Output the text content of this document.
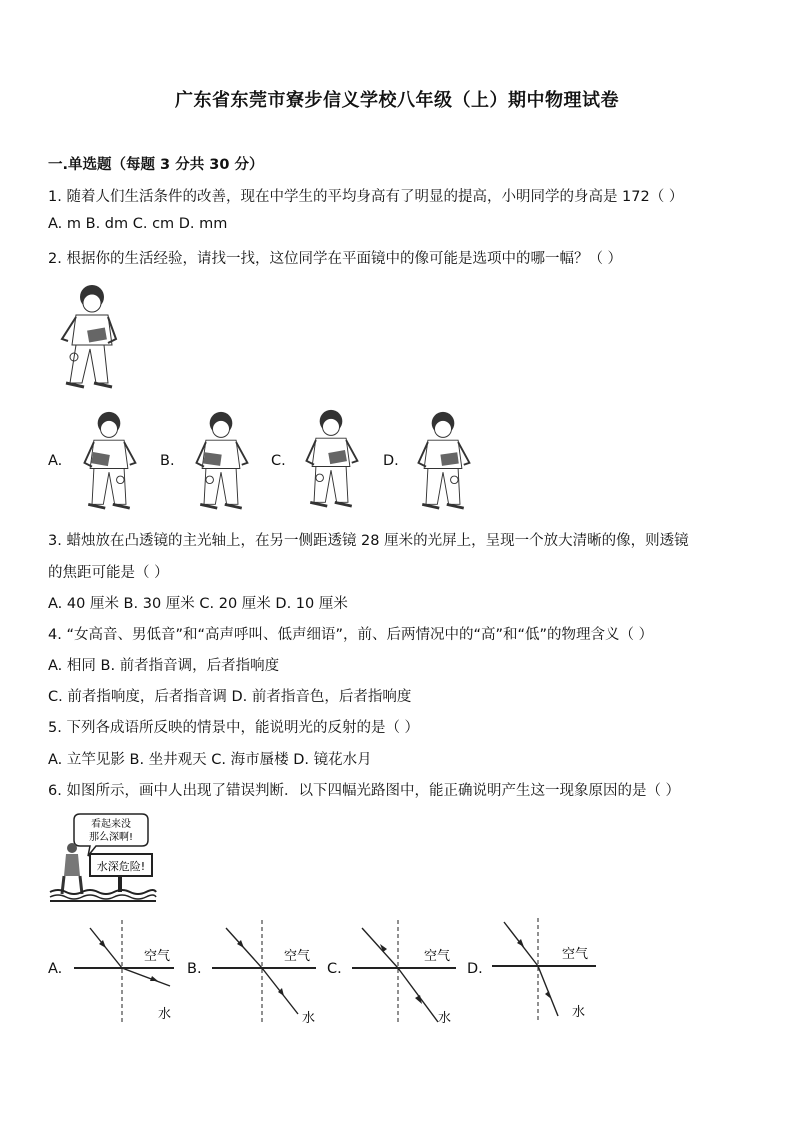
广东省东莞市寮步信义学校八年级（上）期中物理试卷
一.单选题（每题 3 分共 30 分）
1. 随着人们生活条件的改善，现在中学生的平均身高有了明显的提高，小明同学的身高是 172（ ）
A. m B. dm C. cm D. mm
2. 根据你的生活经验，请找一找，这位同学在平面镜中的像可能是选项中的哪一幅？（ ）
A.	B.	C.	D.
3. 蜡烛放在凸透镜的主光轴上，在另一侧距透镜 28 厘米的光屏上，呈现一个放大清晰的像，则透镜
的焦距可能是（ ）
A. 40 厘米 B. 30 厘米 C. 20 厘米 D. 10 厘米
4. “女高音、男低音”和“高声呼叫、低声细语”，前、后两情况中的“高”和“低”的物理含义（ ）
A. 相同 B. 前者指音调，后者指响度
C. 前者指响度，后者指音调 D. 前者指音色，后者指响度
5. 下列各成语所反映的情景中，能说明光的反射的是（ ）
A. 立竿见影 B. 坐井观天 C. 海市蜃楼 D. 镜花水月
6. 如图所示，画中人出现了错误判断．以下四幅光路图中，能正确说明产生这一现象原因的是（ ）
看起来没
那么深啊!
水深危险!
A.
空气
水
B.
空气
水
C.
空气
水
D.
空气
水
